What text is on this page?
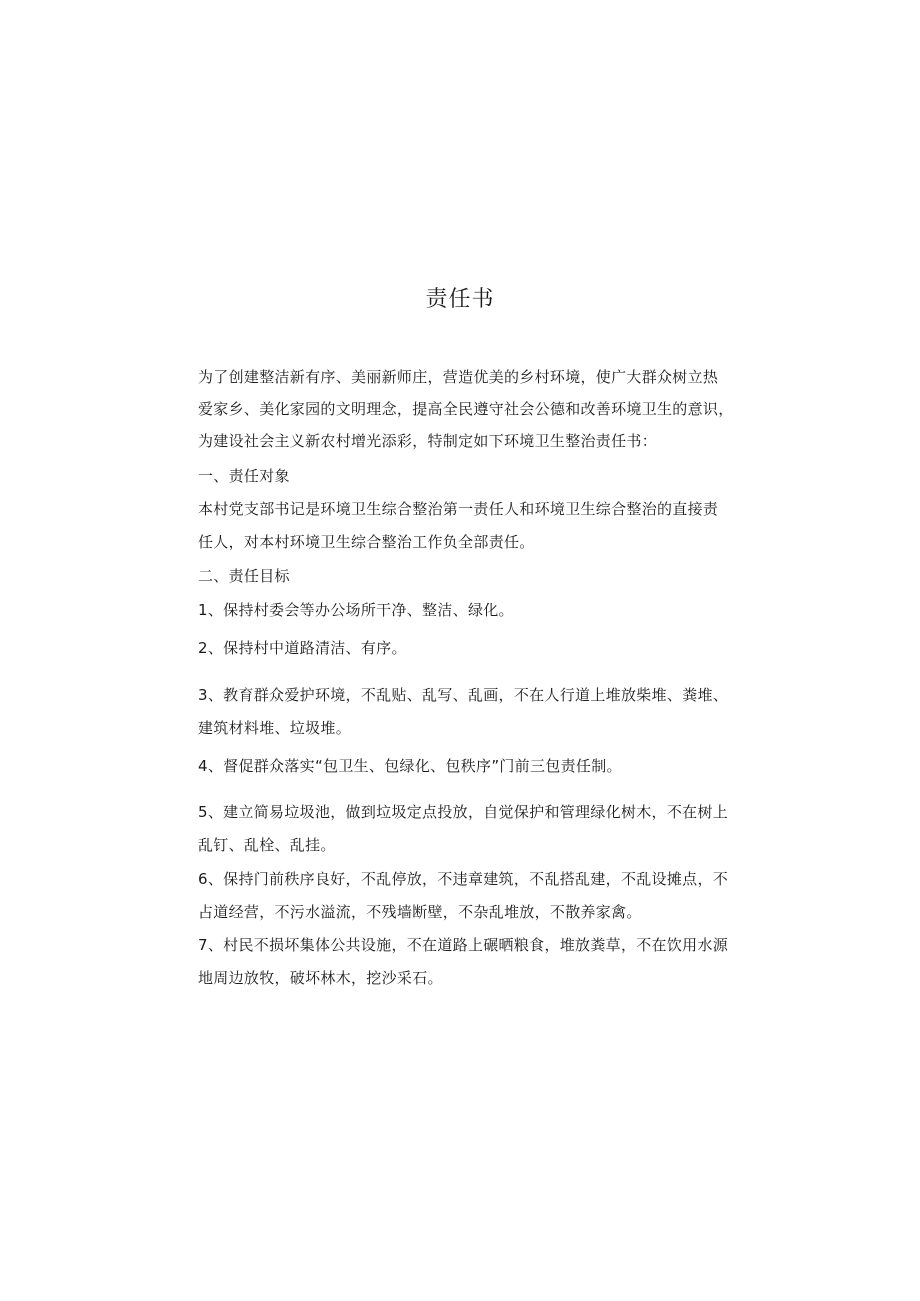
责任书
为了创建整洁新有序、美丽新师庄，营造优美的乡村环境，使广大群众树立热
爱家乡、美化家园的文明理念，提高全民遵守社会公德和改善环境卫生的意识，
为建设社会主义新农村增光添彩，特制定如下环境卫生整治责任书：
一、责任对象
本村党支部书记是环境卫生综合整治第一责任人和环境卫生综合整治的直接责
任人，对本村环境卫生综合整治工作负全部责任。
二、责任目标
1、保持村委会等办公场所干净、整洁、绿化。
2、保持村中道路清洁、有序。
3、教育群众爱护环境，不乱贴、乱写、乱画，不在人行道上堆放柴堆、粪堆、
建筑材料堆、垃圾堆。
4、督促群众落实“包卫生、包绿化、包秩序”门前三包责任制。
5、建立简易垃圾池，做到垃圾定点投放，自觉保护和管理绿化树木，不在树上
乱钉、乱栓、乱挂。
6、保持门前秩序良好，不乱停放，不违章建筑，不乱搭乱建，不乱设摊点，不
占道经营，不污水溢流，不残墙断壁，不杂乱堆放，不散养家禽。
7、村民不损坏集体公共设施，不在道路上碾晒粮食，堆放粪草，不在饮用水源
地周边放牧，破坏林木，挖沙采石。
